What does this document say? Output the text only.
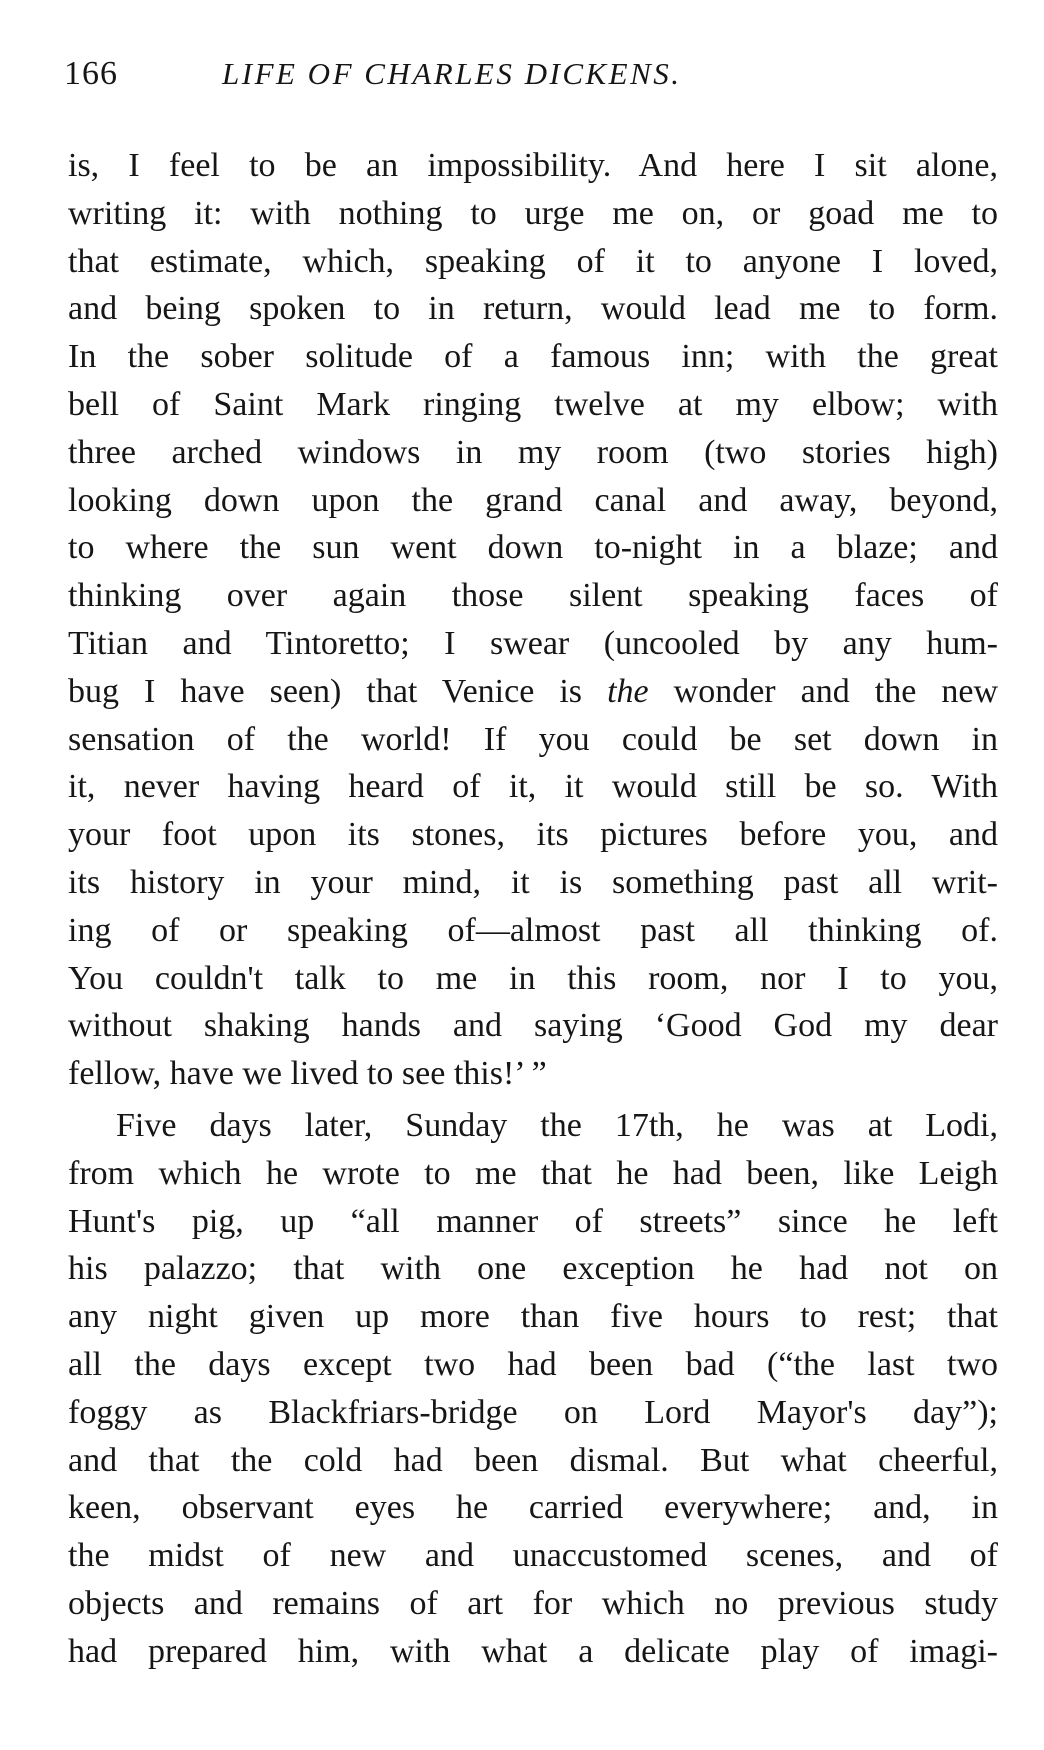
166	LIFE OF CHARLES DICKENS.
is, I feel to be an impossibility. And here I sit alone,
writing it: with nothing to urge me on, or goad me to
that estimate, which, speaking of it to anyone I loved,
and being spoken to in return, would lead me to form.
In the sober solitude of a famous inn; with the great
bell of Saint Mark ringing twelve at my elbow; with
three arched windows in my room (two stories high)
looking down upon the grand canal and away, beyond,
to where the sun went down to-night in a blaze; and
thinking over again those silent speaking faces of
Titian and Tintoretto; I swear (uncooled by any hum-
bug I have seen) that Venice is the wonder and the new
sensation of the world! If you could be set down in
it, never having heard of it, it would still be so. With
your foot upon its stones, its pictures before you, and
its history in your mind, it is something past all writ-
ing of or speaking of—almost past all thinking of.
You couldn't talk to me in this room, nor I to you,
without shaking hands and saying ‘Good God my dear
fellow, have we lived to see this!’ ”
Five days later, Sunday the 17th, he was at Lodi,
from which he wrote to me that he had been, like Leigh
Hunt's pig, up “all manner of streets” since he left
his palazzo; that with one exception he had not on
any night given up more than five hours to rest; that
all the days except two had been bad (“the last two
foggy as Blackfriars-bridge on Lord Mayor's day”);
and that the cold had been dismal. But what cheerful,
keen, observant eyes he carried everywhere; and, in
the midst of new and unaccustomed scenes, and of
objects and remains of art for which no previous study
had prepared him, with what a delicate play of imagi-
